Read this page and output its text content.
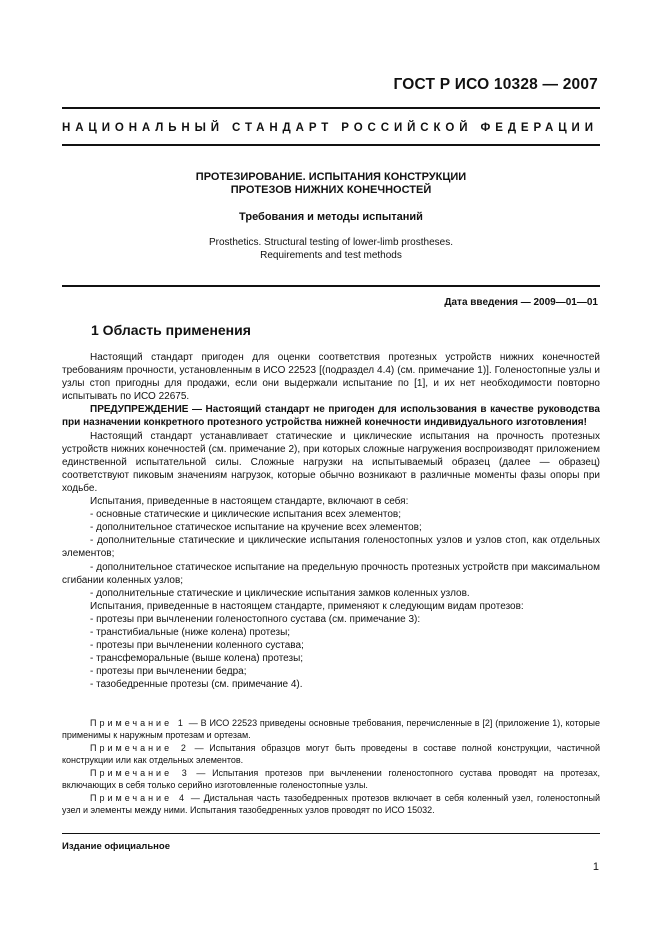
ГОСТ Р ИСО 10328 — 2007
НАЦИОНАЛЬНЫЙ СТАНДАРТ РОССИЙСКОЙ ФЕДЕРАЦИИ
ПРОТЕЗИРОВАНИЕ. ИСПЫТАНИЯ КОНСТРУКЦИИ
ПРОТЕЗОВ НИЖНИХ КОНЕЧНОСТЕЙ
Требования и методы испытаний
Prosthetics. Structural testing of lower-limb prostheses.
Requirements and test methods
Дата введения — 2009—01—01
1 Область применения

Настоящий стандарт пригоден для оценки соответствия протезных устройств нижних конечностей требованиям прочности, установленным в ИСО 22523 [(подраздел 4.4) (см. примечание 1)]. Голеностопные узлы и узлы стоп пригодны для продажи, если они выдержали испытание по [1], и их нет необходимости повторно испытывать по ИСО 22675.

ПРЕДУПРЕЖДЕНИЕ — Настоящий стандарт не пригоден для использования в качестве руководства при назначении конкретного протезного устройства нижней конечности индивидуального изготовления!

Настоящий стандарт устанавливает статические и циклические испытания на прочность протезных устройств нижних конечностей (см. примечание 2), при которых сложные нагружения воспроизводят приложением единственной испытательной силы. Сложные нагрузки на испытываемый образец (далее — образец) соответствуют пиковым значениям нагрузок, которые обычно возникают в различные моменты фазы опоры при ходьбе.

Испытания, приведенные в настоящем стандарте, включают в себя:

- основные статические и циклические испытания всех элементов;

- дополнительное статическое испытание на кручение всех элементов;

- дополнительные статические и циклические испытания голеностопных узлов и узлов стоп, как отдельных элементов;

- дополнительное статическое испытание на предельную прочность протезных устройств при максимальном сгибании коленных узлов;

- дополнительные статические и циклические испытания замков коленных узлов.

Испытания, приведенные в настоящем стандарте, применяют к следующим видам протезов:

- протезы при вычленении голеностопного сустава (см. примечание 3):

- транстибиальные (ниже колена) протезы;

- протезы при вычленении коленного сустава;

- трансфеморальные (выше колена) протезы;

- протезы при вычленении бедра;

- тазобедренные протезы (см. примечание 4).

Примечание 1 — В ИСО 22523 приведены основные требования, перечисленные в [2] (приложение 1), которые применимы к наружным протезам и ортезам.

Примечание 2 — Испытания образцов могут быть проведены в составе полной конструкции, частичной конструкции или как отдельных элементов.

Примечание 3 — Испытания протезов при вычленении голеностопного сустава проводят на протезах, включающих в себя только серийно изготовленные голеностопные узлы.

Примечание 4 — Дистальная часть тазобедренных протезов включает в себя коленный узел, голеностопный узел и элементы между ними. Испытания тазобедренных узлов проводят по ИСО 15032.

Издание официальное
1
